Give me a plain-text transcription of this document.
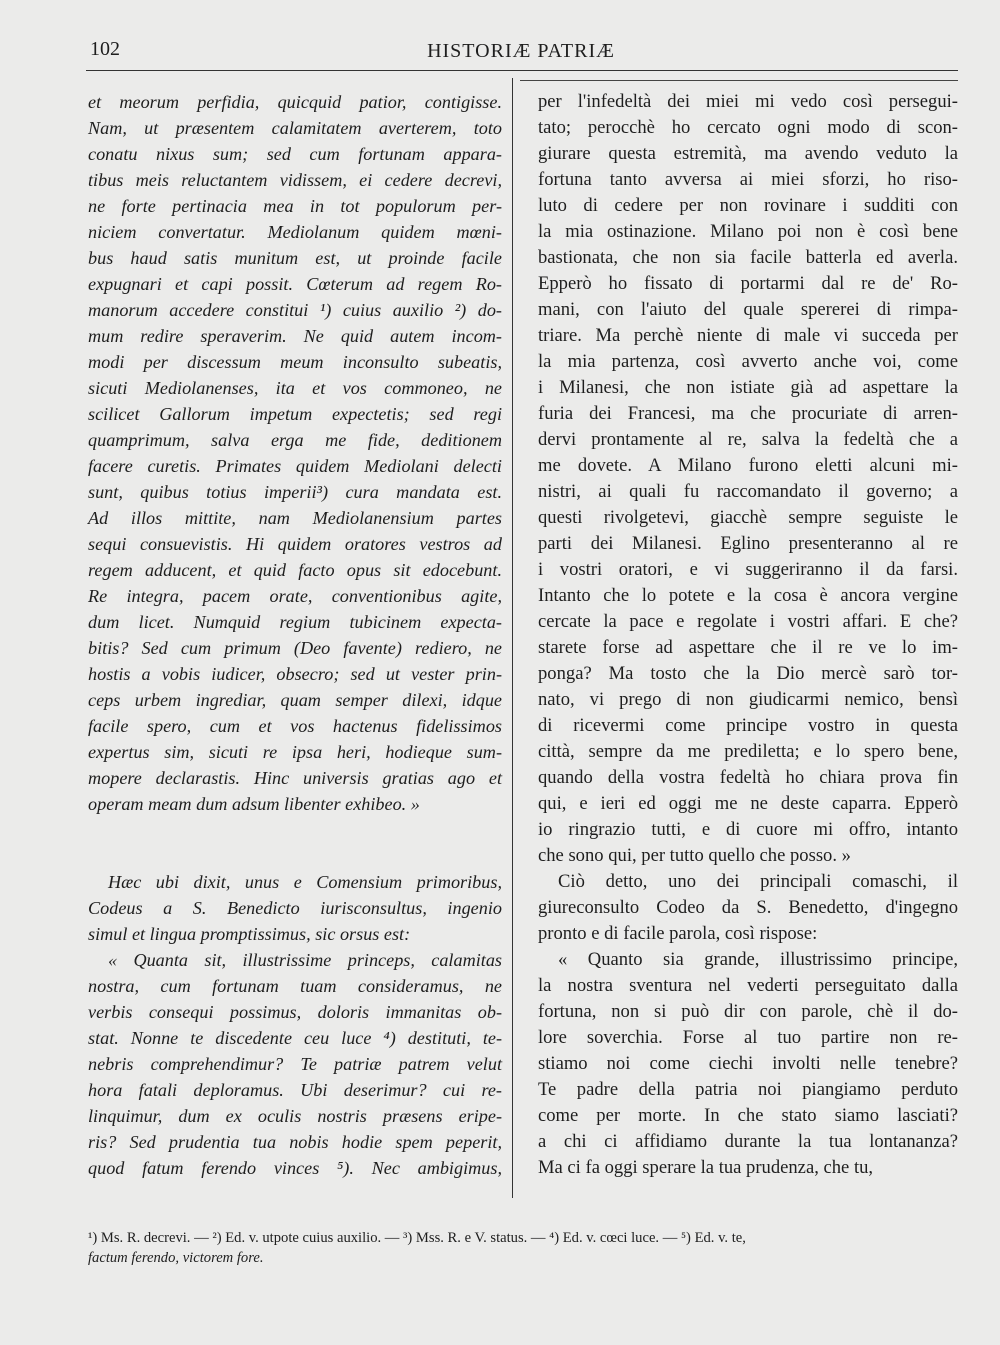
102	HISTORIÆ PATRIÆ
et meorum perfidia, quicquid patior, contigisse.
Nam, ut præsentem calamitatem averterem, toto
conatu nixus sum; sed cum fortunam appara-
tibus meis reluctantem vidissem, ei cedere decrevi,
ne forte pertinacia mea in tot populorum per-
niciem convertatur. Mediolanum quidem mœni-
bus haud satis munitum est, ut proinde facile
expugnari et capi possit. Cœterum ad regem Ro-
manorum accedere constitui ¹) cuius auxilio ²) do-
mum redire speraverim. Ne quid autem incom-
modi per discessum meum inconsulto subeatis,
sicuti Mediolanenses, ita et vos commoneo, ne
scilicet Gallorum impetum expectetis; sed regi
quamprimum, salva erga me fide, deditionem
facere curetis. Primates quidem Mediolani delecti
sunt, quibus totius imperii³) cura mandata est.
Ad illos mittite, nam Mediolanensium partes
sequi consuevistis. Hi quidem oratores vestros ad
regem adducent, et quid facto opus sit edocebunt.
Re integra, pacem orate, conventionibus agite,
dum licet. Numquid regium tubicinem expecta-
bitis? Sed cum primum (Deo favente) rediero, ne
hostis a vobis iudicer, obsecro; sed ut vester prin-
ceps urbem ingrediar, quam semper dilexi, idque
facile spero, cum et vos hactenus fidelissimos
expertus sim, sicuti re ipsa heri, hodieque sum-
mopere declarastis. Hinc universis gratias ago et
operam meam dum adsum libenter exhibeo. »
Hæc ubi dixit, unus e Comensium primoribus,
Codeus a S. Benedicto iurisconsultus, ingenio
simul et lingua promptissimus, sic orsus est:
« Quanta sit, illustrissime princeps, calamitas
nostra, cum fortunam tuam consideramus, ne
verbis consequi possimus, doloris immanitas ob-
stat. Nonne te discedente ceu luce ⁴) destituti, te-
nebris comprehendimur? Te patriæ patrem velut
hora fatali deploramus. Ubi deserimur? cui re-
linquimur, dum ex oculis nostris præsens eripe-
ris? Sed prudentia tua nobis hodie spem peperit,
quod fatum ferendo vinces ⁵). Nec ambigimus,
per l'infedeltà dei miei mi vedo così persegui-
tato; perocchè ho cercato ogni modo di scon-
giurare questa estremità, ma avendo veduto la
fortuna tanto avversa ai miei sforzi, ho riso-
luto di cedere per non rovinare i sudditi con
la mia ostinazione. Milano poi non è così bene
bastionata, che non sia facile batterla ed averla.
Epperò ho fissato di portarmi dal re de' Ro-
mani, con l'aiuto del quale spererei di rimpa-
triare. Ma perchè niente di male vi succeda per
la mia partenza, così avverto anche voi, come
i Milanesi, che non istiate già ad aspettare la
furia dei Francesi, ma che procuriate di arren-
dervi prontamente al re, salva la fedeltà che a
me dovete. A Milano furono eletti alcuni mi-
nistri, ai quali fu raccomandato il governo; a
questi rivolgetevi, giacchè sempre seguiste le
parti dei Milanesi. Eglino presenteranno al re
i vostri oratori, e vi suggeriranno il da farsi.
Intanto che lo potete e la cosa è ancora vergine
cercate la pace e regolate i vostri affari. E che?
starete forse ad aspettare che il re ve lo im-
ponga? Ma tosto che la Dio mercè sarò tor-
nato, vi prego di non giudicarmi nemico, bensì
di ricevermi come principe vostro in questa
città, sempre da me prediletta; e lo spero bene,
quando della vostra fedeltà ho chiara prova fin
qui, e ieri ed oggi me ne deste caparra. Epperò
io ringrazio tutti, e di cuore mi offro, intanto
che sono qui, per tutto quello che posso. »
Ciò detto, uno dei principali comaschi, il
giureconsulto Codeo da S. Benedetto, d'ingegno
pronto e di facile parola, così rispose:
« Quanto sia grande, illustrissimo principe,
la nostra sventura nel vederti perseguitato dalla
fortuna, non si può dir con parole, chè il do-
lore soverchia. Forse al tuo partire non re-
stiamo noi come ciechi involti nelle tenebre?
Te padre della patria noi piangiamo perduto
come per morte. In che stato siamo lasciati?
a chi ci affidiamo durante la tua lontananza?
Ma ci fa oggi sperare la tua prudenza, che tu,
¹) Ms. R. decrevi. — ²) Ed. v. utpote cuius auxilio. — ³) Mss. R. e V. status. — ⁴) Ed. v. cœci luce. — ⁵) Ed. v. te,
factum ferendo, victorem fore.
